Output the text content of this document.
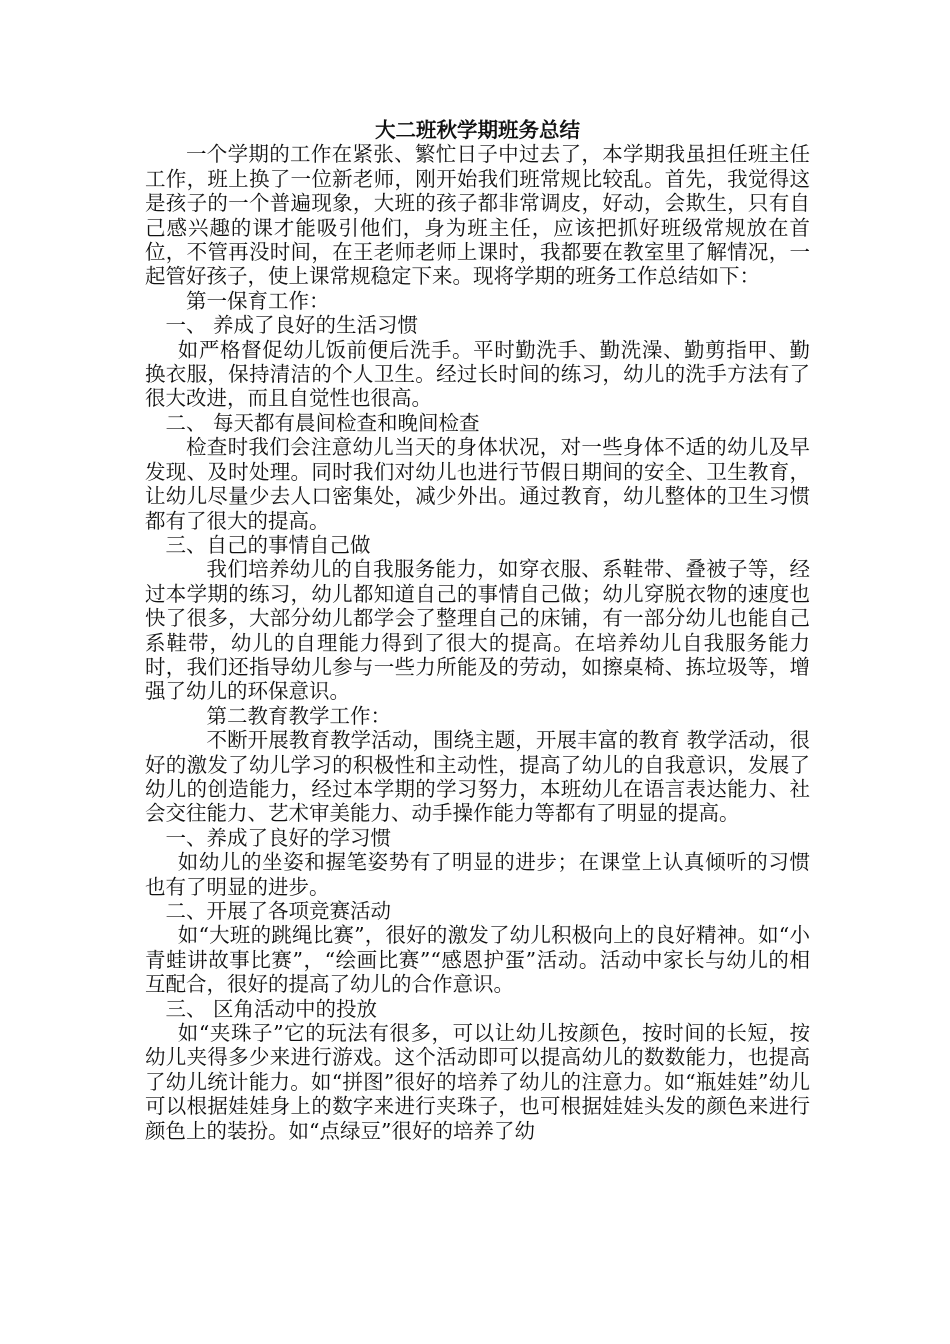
大二班秋学期班务总结

一个学期的工作在紧张、繁忙日子中过去了，本学期我虽担任班主任工作，班上换了一位新老师，刚开始我们班常规比较乱。首先，我觉得这是孩子的一个普遍现象，大班的孩子都非常调皮，好动，会欺生，只有自己感兴趣的课才能吸引他们，身为班主任，应该把抓好班级常规放在首位，不管再没时间，在王老师老师上课时，我都要在教室里了解情况，一起管好孩子，使上课常规稳定下来。现将学期的班务工作总结如下：

第一保育工作：

一、 养成了良好的生活习惯

如严格督促幼儿饭前便后洗手。平时勤洗手、勤洗澡、勤剪指甲、勤换衣服，保持清洁的个人卫生。经过长时间的练习，幼儿的洗手方法有了很大改进，而且自觉性也很高。

二、 每天都有晨间检查和晚间检查

检查时我们会注意幼儿当天的身体状况，对一些身体不适的幼儿及早发现、及时处理。同时我们对幼儿也进行节假日期间的安全、卫生教育，让幼儿尽量少去人口密集处，减少外出。通过教育，幼儿整体的卫生习惯都有了很大的提高。

三、自己的事情自己做

我们培养幼儿的自我服务能力，如穿衣服、系鞋带、叠被子等，经过本学期的练习，幼儿都知道自己的事情自己做；幼儿穿脱衣物的速度也快了很多，大部分幼儿都学会了整理自己的床铺，有一部分幼儿也能自己系鞋带，幼儿的自理能力得到了很大的提高。在培养幼儿自我服务能力时，我们还指导幼儿参与一些力所能及的劳动，如擦桌椅、拣垃圾等，增强了幼儿的环保意识。

第二教育教学工作：

不断开展教育教学活动，围绕主题，开展丰富的教育 教学活动，很好的激发了幼儿学习的积极性和主动性，提高了幼儿的自我意识，发展了幼儿的创造能力，经过本学期的学习努力，本班幼儿在语言表达能力、社会交往能力、艺术审美能力、动手操作能力等都有了明显的提高。

一、养成了良好的学习惯

如幼儿的坐姿和握笔姿势有了明显的进步；在课堂上认真倾听的习惯也有了明显的进步。

二、开展了各项竞赛活动

如“大班的跳绳比赛”，很好的激发了幼儿积极向上的良好精神。如“小青蛙讲故事比赛”，“绘画比赛”“感恩护蛋”活动。活动中家长与幼儿的相互配合，很好的提高了幼儿的合作意识。

三、 区角活动中的投放

如“夹珠子”它的玩法有很多，可以让幼儿按颜色，按时间的长短，按幼儿夹得多少来进行游戏。这个活动即可以提高幼儿的数数能力，也提高了幼儿统计能力。如“拼图”很好的培养了幼儿的注意力。如“瓶娃娃”幼儿可以根据娃娃身上的数字来进行夹珠子，也可根据娃娃头发的颜色来进行颜色上的装扮。如“点绿豆”很好的培养了幼
